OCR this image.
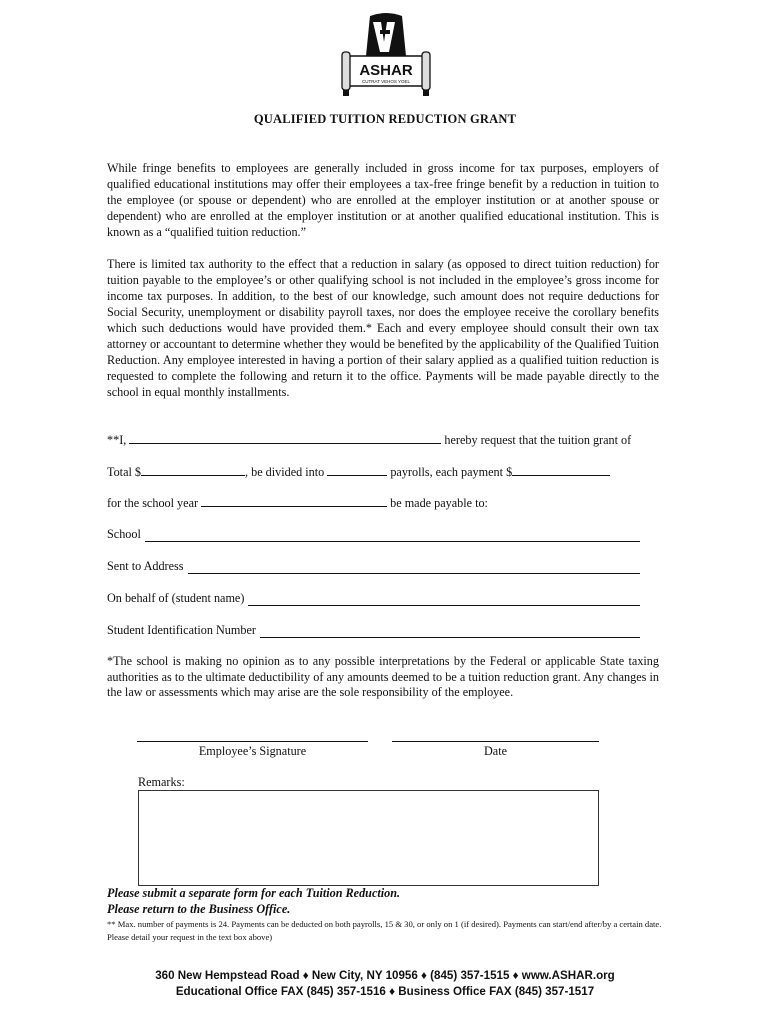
ASHAR
CUTRAT VEHOS YOEL
QUALIFIED TUITION REDUCTION GRANT
While fringe benefits to employees are generally included in gross income for tax purposes, employers of qualified educational institutions may offer their employees a tax-free fringe benefit by a reduction in tuition to the employee (or spouse or dependent) who are enrolled at the employer institution or at another spouse or dependent) who are enrolled at the employer institution or at another qualified educational institution. This is known as a “qualified tuition reduction.”
There is limited tax authority to the effect that a reduction in salary (as opposed to direct tuition reduction) for tuition payable to the employee’s or other qualifying school is not included in the employee’s gross income for income tax purposes. In addition, to the best of our knowledge, such amount does not require deductions for Social Security, unemployment or disability payroll taxes, nor does the employee receive the corollary benefits which such deductions would have provided them.* Each and every employee should consult their own tax attorney or accountant to determine whether they would be benefited by the applicability of the Qualified Tuition Reduction. Any employee interested in having a portion of their salary applied as a qualified tuition reduction is requested to complete the following and return it to the office. Payments will be made payable directly to the school in equal monthly installments.
**I,	hereby request that the tuition grant of
Total $	, be divided into	payrolls, each payment $
for the school year	be made payable to:
School
Sent to Address
On behalf of (student name)
Student Identification Number
*The school is making no opinion as to any possible interpretations by the Federal or applicable State taxing authorities as to the ultimate deductibility of any amounts deemed to be a tuition reduction grant. Any changes in the law or assessments which may arise are the sole responsibility of the employee.
Employee’s Signature	Date
Remarks:
Please submit a separate form for each Tuition Reduction.
Please return to the Business Office.
** Max. number of payments is 24. Payments can be deducted on both payrolls, 15 & 30, or only on 1 (if desired). Payments can start/end after/by a certain date. Please detail your request in the text box above)
360 New Hempstead Road ♦ New City, NY 10956 ♦ (845) 357-1515 ♦ www.ASHAR.org
Educational Office FAX (845) 357-1516 ♦ Business Office FAX (845) 357-1517
